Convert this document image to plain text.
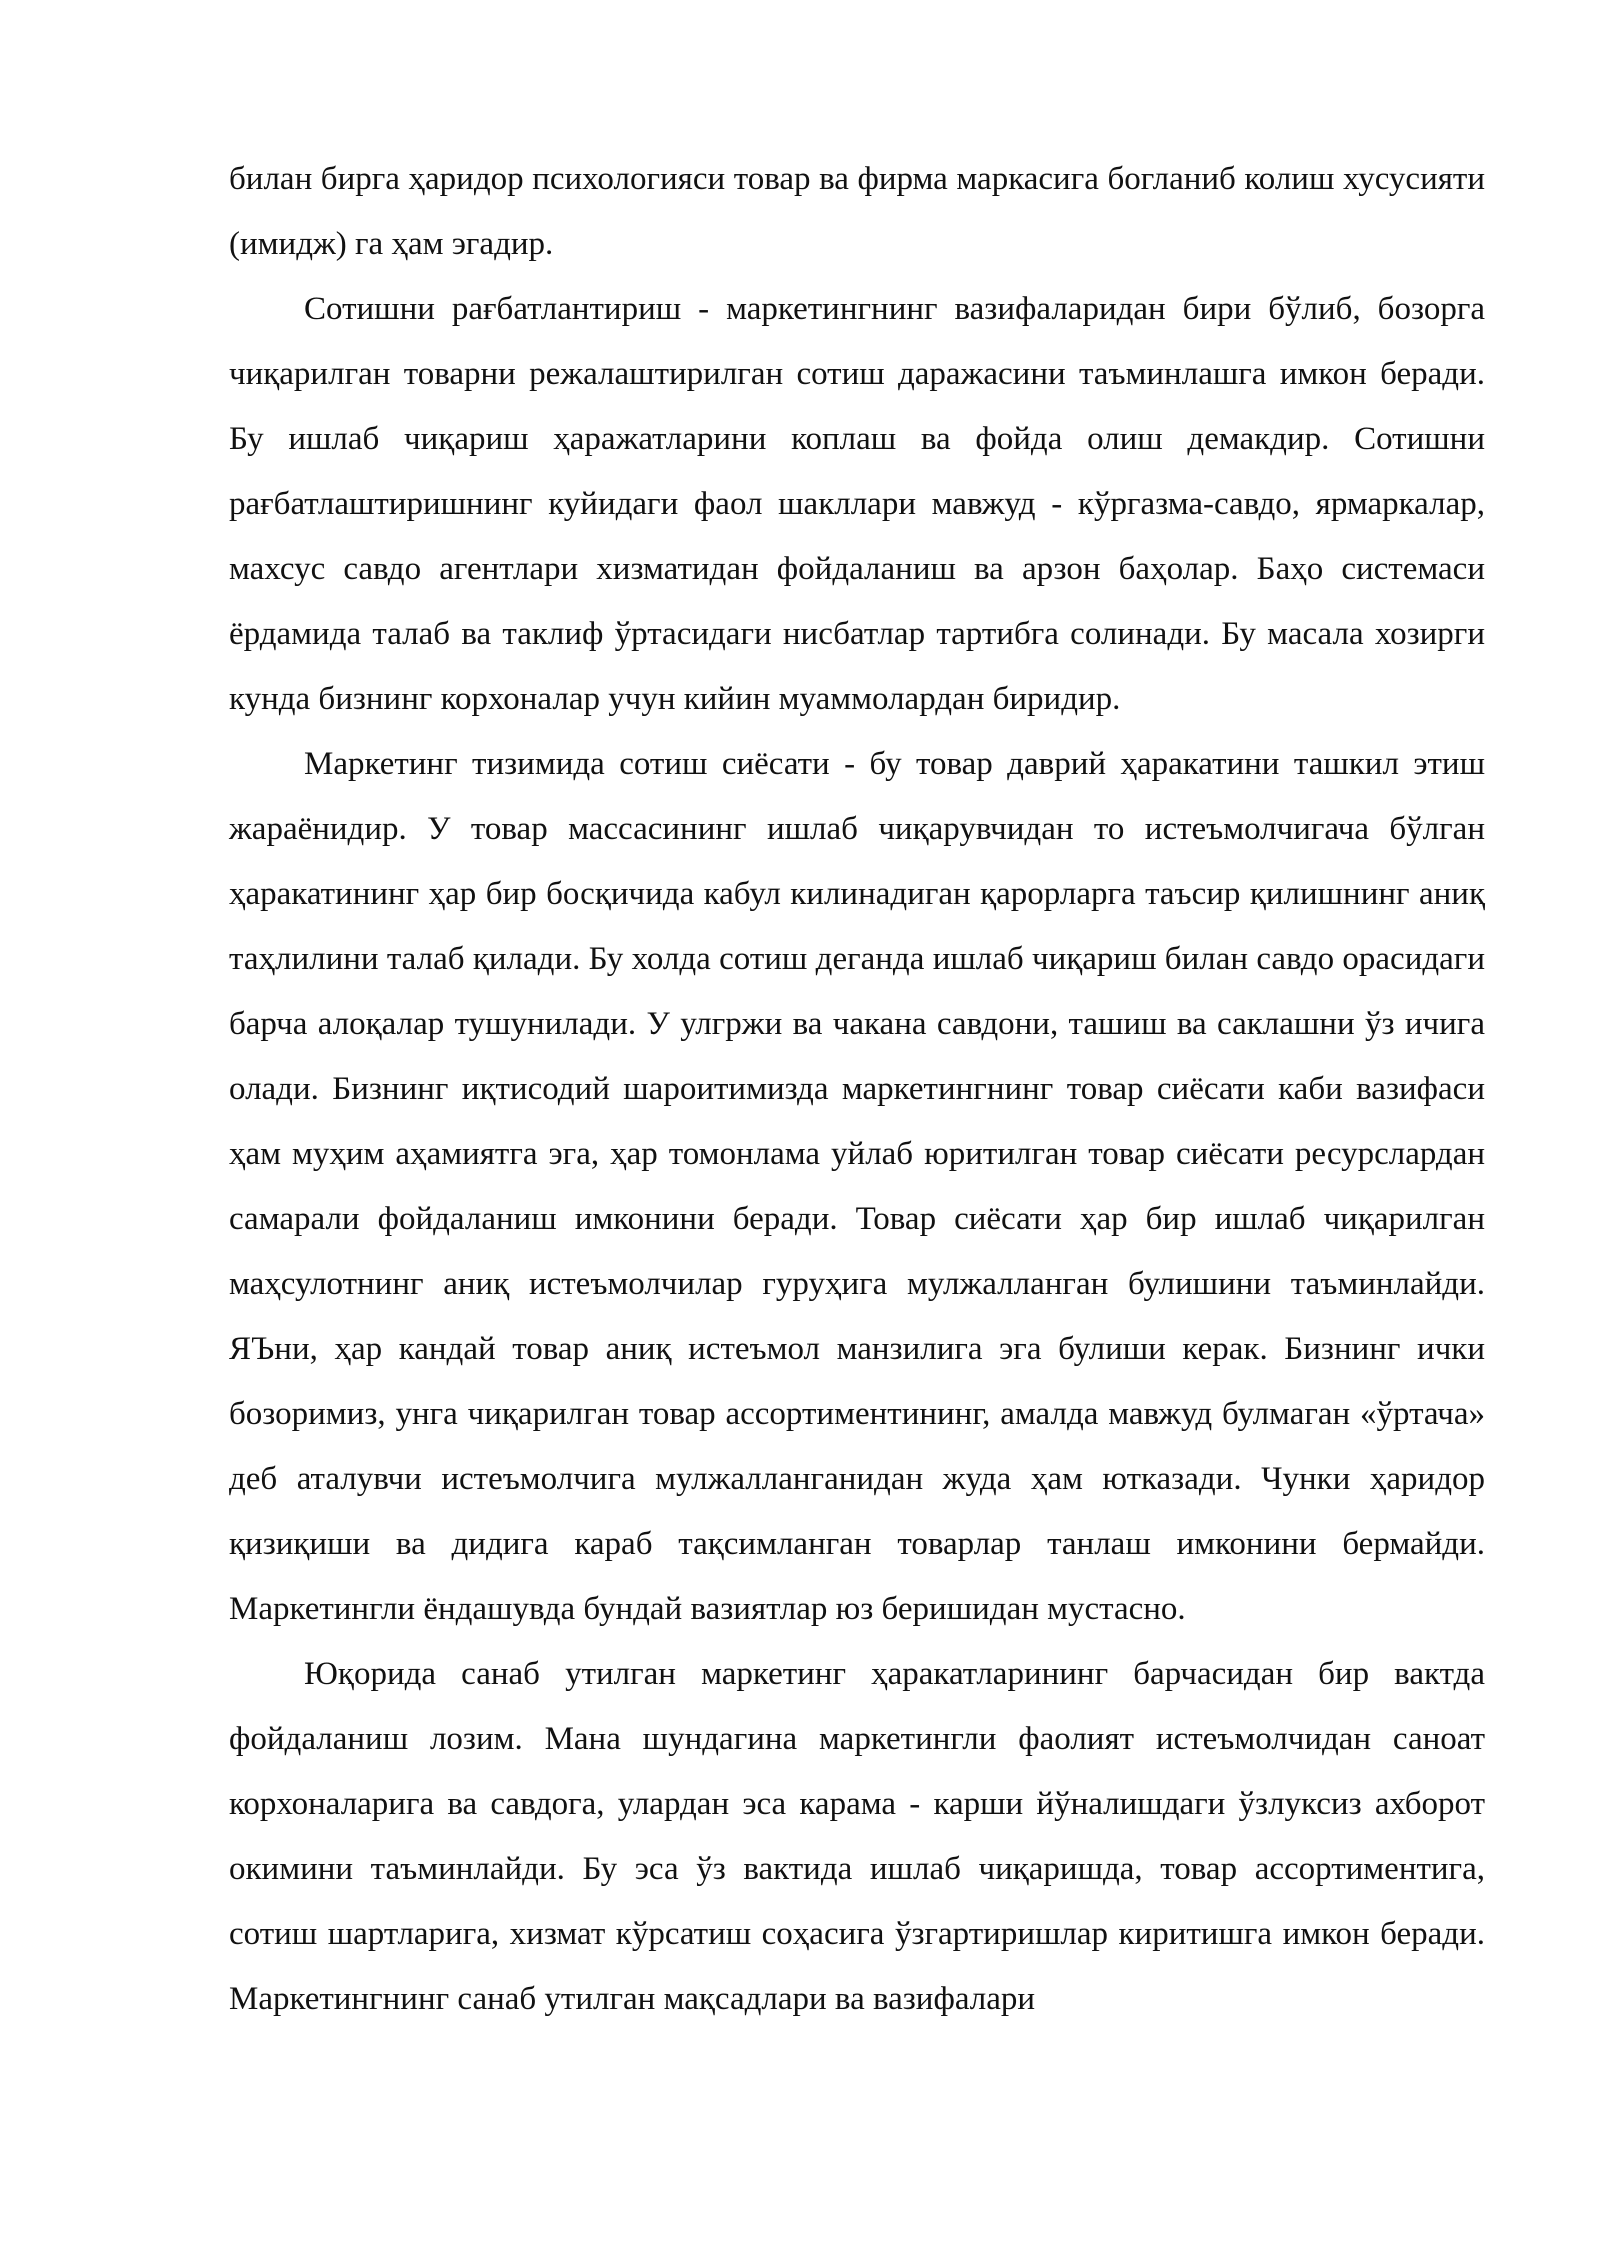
билан бирга ҳаридор психологияси товар ва фирма маркасига богланиб колиш хусусияти (имидж) га ҳам эгадир.

Сотишни рағбатлантириш - маркетингнинг вазифаларидан бири бўлиб, бозорга чиқарилган товарни режалаштирилган сотиш даражасини таъминлашга имкон беради. Бу ишлаб чиқариш ҳаражатларини коплаш ва фойда олиш демакдир. Сотишни рағбатлаштиришнинг куйидаги фаол шакллари мавжуд - кўргазма-савдо, ярмаркалар, махсус савдо агентлари хизматидан фойдаланиш ва арзон баҳолар. Баҳо системаси ёрдамида талаб ва таклиф ўртасидаги нисбатлар тартибга солинади. Бу масала хозирги кунда бизнинг корхоналар учун кийин муаммолардан биридир.

Маркетинг тизимида сотиш сиёсати - бу товар даврий ҳаракатини ташкил этиш жараёнидир. У товар массасининг ишлаб чиқарувчидан то истеъмолчигача бўлган ҳаракатининг ҳар бир босқичида кабул килинадиган қарорларга таъсир қилишнинг аниқ таҳлилини талаб қилади. Бу холда сотиш деганда ишлаб чиқариш билан савдо орасидаги барча алоқалар тушунилади. У улгржи ва чакана савдони, ташиш ва саклашни ўз ичига олади. Бизнинг иқтисодий шароитимизда маркетингнинг товар сиёсати каби вазифаси ҳам муҳим аҳамиятга эга, ҳар томонлама уйлаб юритилган товар сиёсати ресурслардан самарали фойдаланиш имконини беради. Товар сиёсати ҳар бир ишлаб чиқарилган маҳсулотнинг аниқ истеъмолчилар гуруҳига мулжалланган булишини таъминлайди. ЯЪни, ҳар кандай товар аниқ истеъмол манзилига эга булиши керак. Бизнинг ички бозоримиз, унга чиқарилган товар ассортиментининг, амалда мавжуд булмаган «ўртача» деб аталувчи истеъмолчига мулжалланганидан жуда ҳам ютказади. Чунки ҳаридор қизиқиши ва дидига караб тақсимланган товарлар танлаш имконини бермайди. Маркетингли ёндашувда бундай вазиятлар юз беришидан мустасно.

Юқорида санаб утилган маркетинг ҳаракатларининг барчасидан бир вактда фойдаланиш лозим. Мана шундагина маркетингли фаолият истеъмолчидан саноат корхоналарига ва савдога, улардан эса карама - карши йўналишдаги ўзлуксиз ахборот окимини таъминлайди. Бу эса ўз вактида ишлаб чиқаришда, товар ассортиментига, сотиш шартларига, хизмат кўрсатиш соҳасига ўзгартиришлар киритишга имкон беради. Маркетингнинг санаб утилган мақсадлари ва вазифалари
